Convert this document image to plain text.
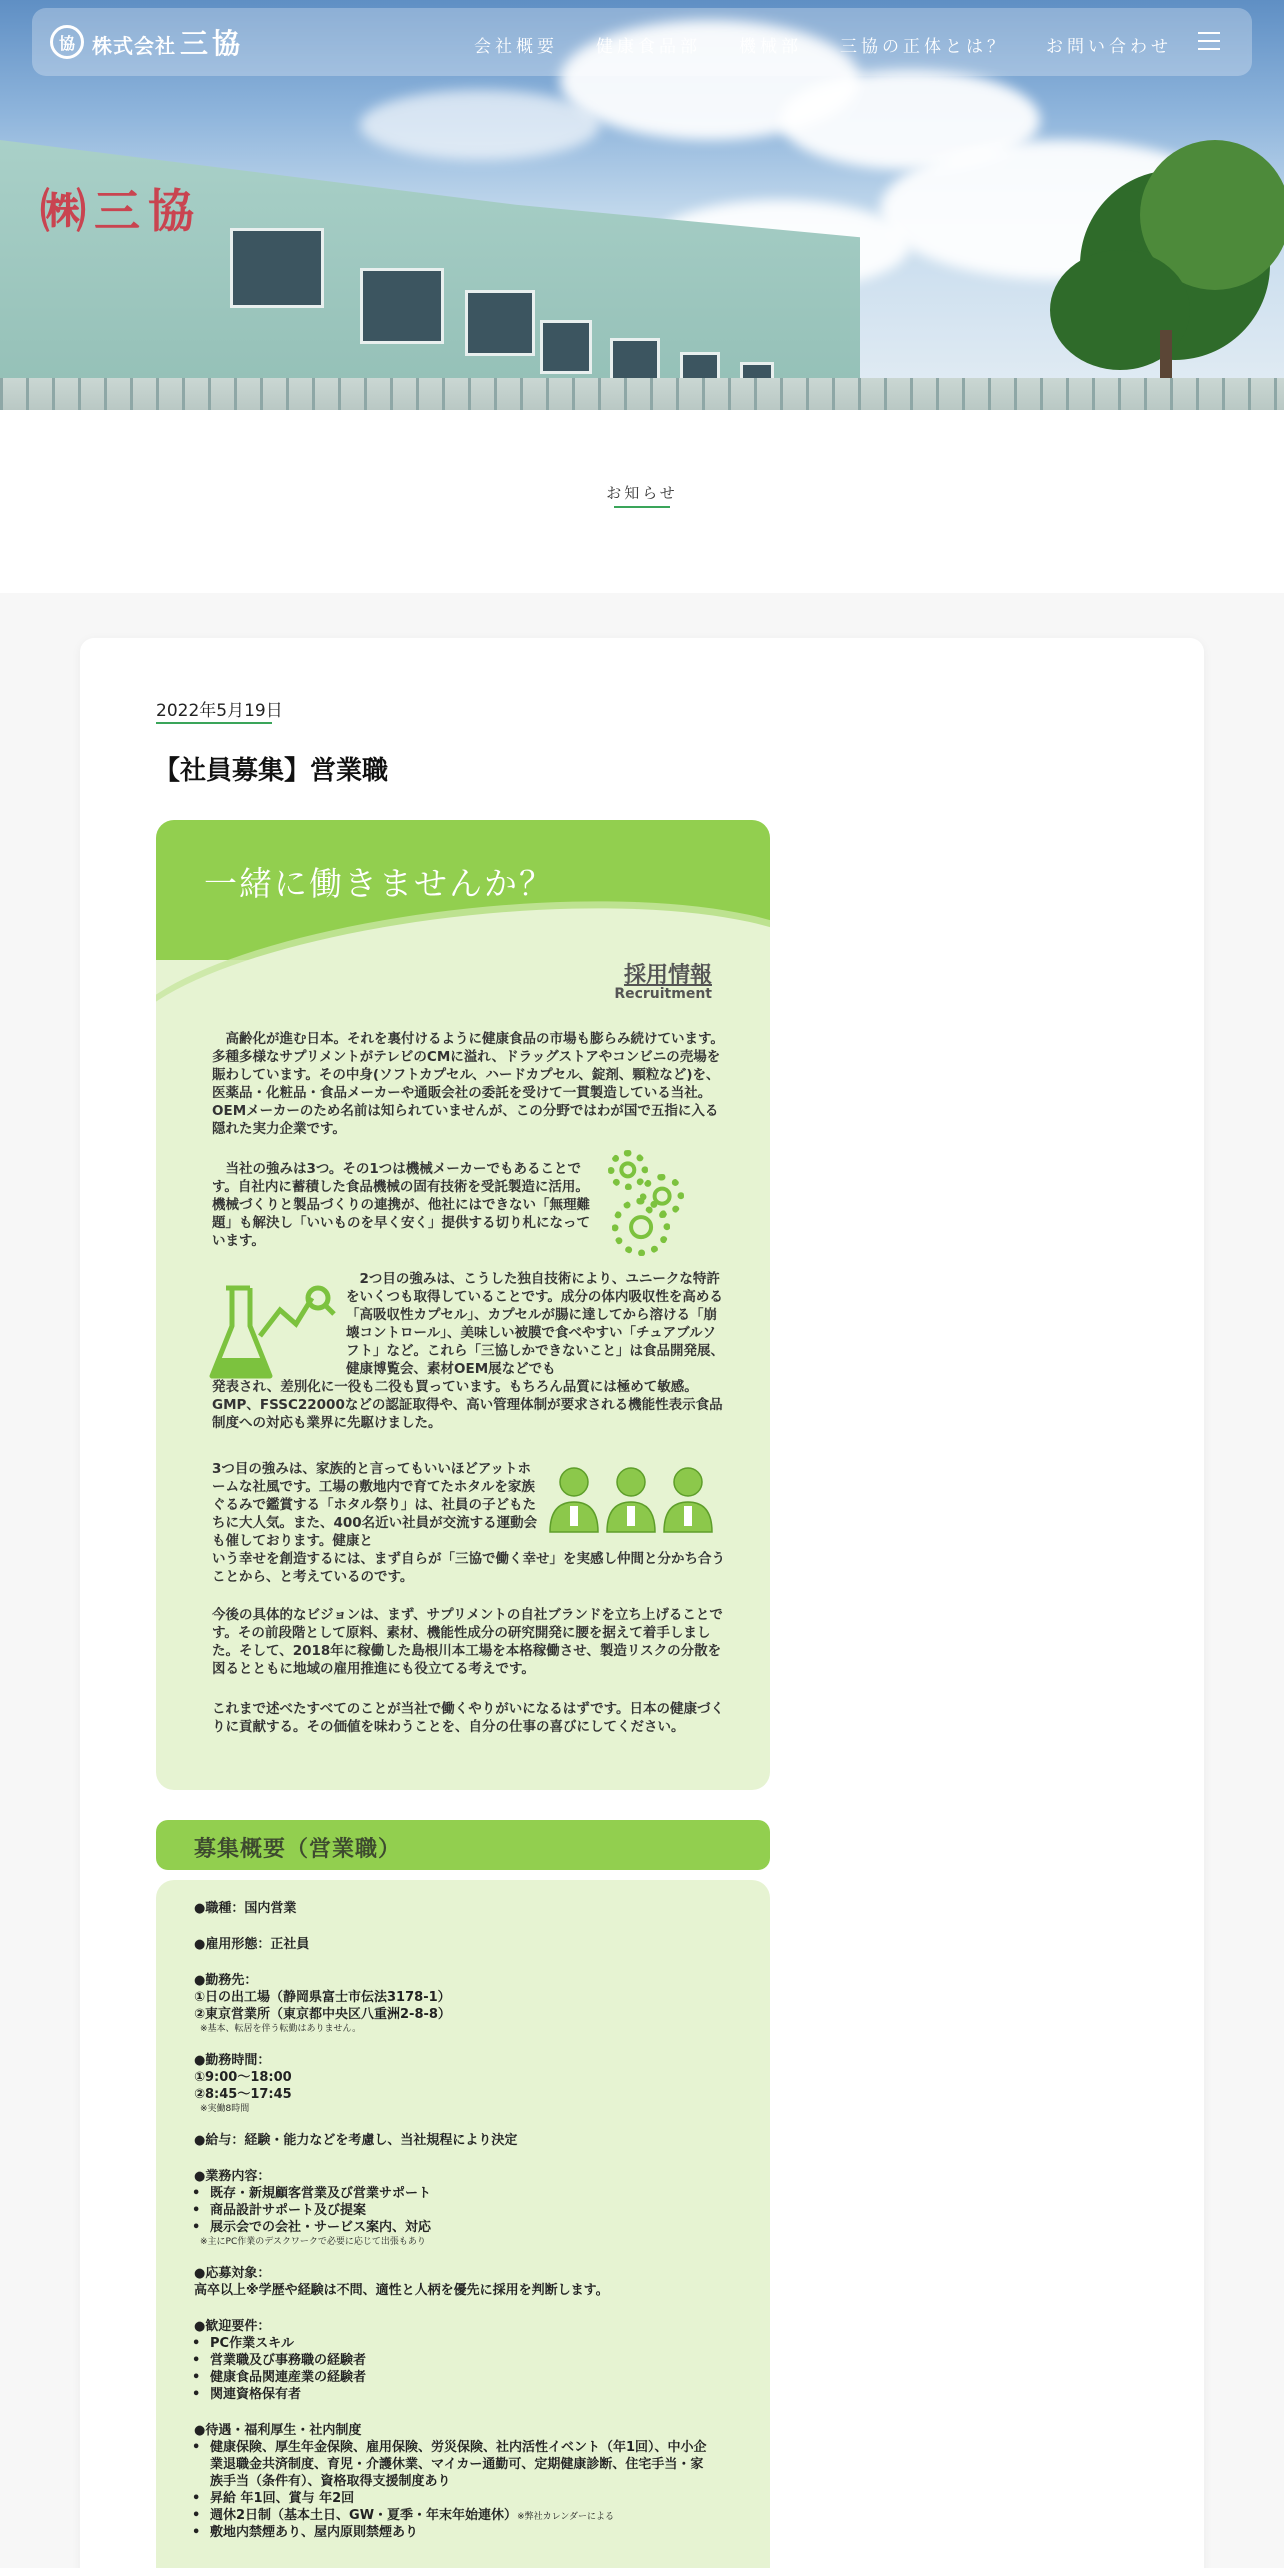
㈱三協
協 株式会社 三協	会社概要 健康食品部 機械部 三協の正体とは？ お問い合わせ
お知らせ
2022年5月19日
【社員募集】営業職
一緒に働きませんか？
採用情報
Recruitment
　高齢化が進む日本。それを裏付けるように健康食品の市場も膨らみ続けています。多種多様なサプリメントがテレビのCMに溢れ、ドラッグストアやコンビニの売場を賑わしています。その中身(ソフトカプセル、ハードカプセル、錠剤、顆粒など)を、医薬品・化粧品・食品メーカーや通販会社の委託を受けて一貫製造している当社。OEMメーカーのため名前は知られていませんが、この分野ではわが国で五指に入る隠れた実力企業です。
　当社の強みは3つ。その1つは機械メーカーでもあることです。自社内に蓄積した食品機械の固有技術を受託製造に活用。機械づくりと製品づくりの連携が、他社にはできない「無理難題」も解決し「いいものを早く安く」提供する切り札になっています。
　2つ目の強みは、こうした独自技術により、ユニークな特許をいくつも取得していることです。成分の体内吸収性を高める「高吸収性カプセル」、カプセルが腸に達してから溶ける「崩壊コントロール」、美味しい被膜で食べやすい「チュアブルソフト」など。これら「三協しかできないこと」は食品開発展、健康博覧会、素材OEM展などでも
発表され、差別化に一役も二役も買っています。もちろん品質には極めて敏感。GMP、FSSC22000などの認証取得や、高い管理体制が要求される機能性表示食品制度への対応も業界に先駆けました。
3つ目の強みは、家族的と言ってもいいほどアットホームな社風です。工場の敷地内で育てたホタルを家族ぐるみで鑑賞する「ホタル祭り」は、社員の子どもたちに大人気。また、400名近い社員が交流する運動会も催しております。健康と
いう幸せを創造するには、まず自らが「三協で働く幸せ」を実感し仲間と分かち合うことから、と考えているのです。
今後の具体的なビジョンは、まず、サプリメントの自社ブランドを立ち上げることです。その前段階として原料、素材、機能性成分の研究開発に腰を据えて着手しました。そして、2018年に稼働した島根川本工場を本格稼働させ、製造リスクの分散を図るとともに地域の雇用推進にも役立てる考えです。
これまで述べたすべてのことが当社で働くやりがいになるはずです。日本の健康づくりに貢献する。その価値を味わうことを、自分の仕事の喜びにしてください。
募集概要（営業職）
●職種：国内営業
●雇用形態：正社員
●勤務先：
①日の出工場（静岡県富士市伝法3178-1）
②東京営業所（東京都中央区八重洲2-8-8）
※基本、転居を伴う転勤はありません。
●勤務時間：
①9:00～18:00
②8:45～17:45
※実働8時間
●給与：経験・能力などを考慮し、当社規程により決定
●業務内容：
• 既存・新規顧客営業及び営業サポート
• 商品設計サポート及び提案
• 展示会での会社・サービス案内、対応
※主にPC作業のデスクワークで必要に応じて出張もあり
●応募対象：
高卒以上※学歴や経験は不問、適性と人柄を優先に採用を判断します。
●歓迎要件：
• PC作業スキル
• 営業職及び事務職の経験者
• 健康食品関連産業の経験者
• 関連資格保有者
●待遇・福利厚生・社内制度
• 健康保険、厚生年金保険、雇用保険、労災保険、社内活性イベント（年1回）、中小企
業退職金共済制度、育児・介護休業、マイカー通勤可、定期健康診断、住宅手当・家
族手当（条件有）、資格取得支援制度あり
• 昇給 年1回、賞与 年2回
• 週休2日制（基本土日、GW・夏季・年末年始連休）※弊社カレンダーによる
• 敷地内禁煙あり、屋内原則禁煙あり
